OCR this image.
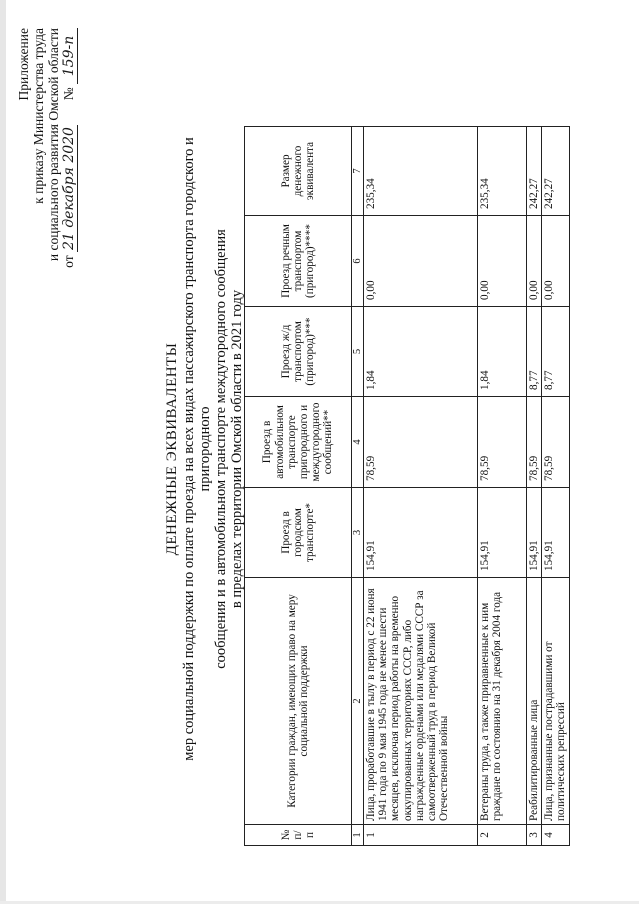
Приложение к приказу Министерства труда и социального развития Омской области
от 21 декабря 2020  № 159-п
ДЕНЕЖНЫЕ ЭКВИВАЛЕНТЫ мер социальной поддержки по оплате проезда на всех видах пассажирского транспорта городского и пригородного сообщения и в автомобильном транспорте междугородного сообщения в пределах территории Омской области в 2021 году
№ п/п	Категории граждан, имеющих право на меру социальной поддержки	Проезд в городском транспорте*	Проезд в автомобильном транспорте пригородного и междугородного сообщений**	Проезд ж/д транспортом (пригород)***	Проезд речным транспортом (пригород)****	Размер денежного эквивалента
1	2	3	4	5	6	7
1	Лица, проработавшие в тылу в период с 22 июня 1941 года по 9 мая 1945 года не менее шести месяцев, исключая период работы на временно оккупированных территориях СССР, либо награжденные орденами или медалями СССР за самоотверженный труд в период Великой Отечественной войны	154,91	78,59	1,84	0,00	235,34
2	Ветераны труда, а также приравненные к ним граждане по состоянию на 31 декабря 2004 года	154,91	78,59	1,84	0,00	235,34
3	Реабилитированные лица	154,91	78,59	8,77	0,00	242,27
4	Лица, признанные пострадавшими от политических репрессий	154,91	78,59	8,77	0,00	242,27
